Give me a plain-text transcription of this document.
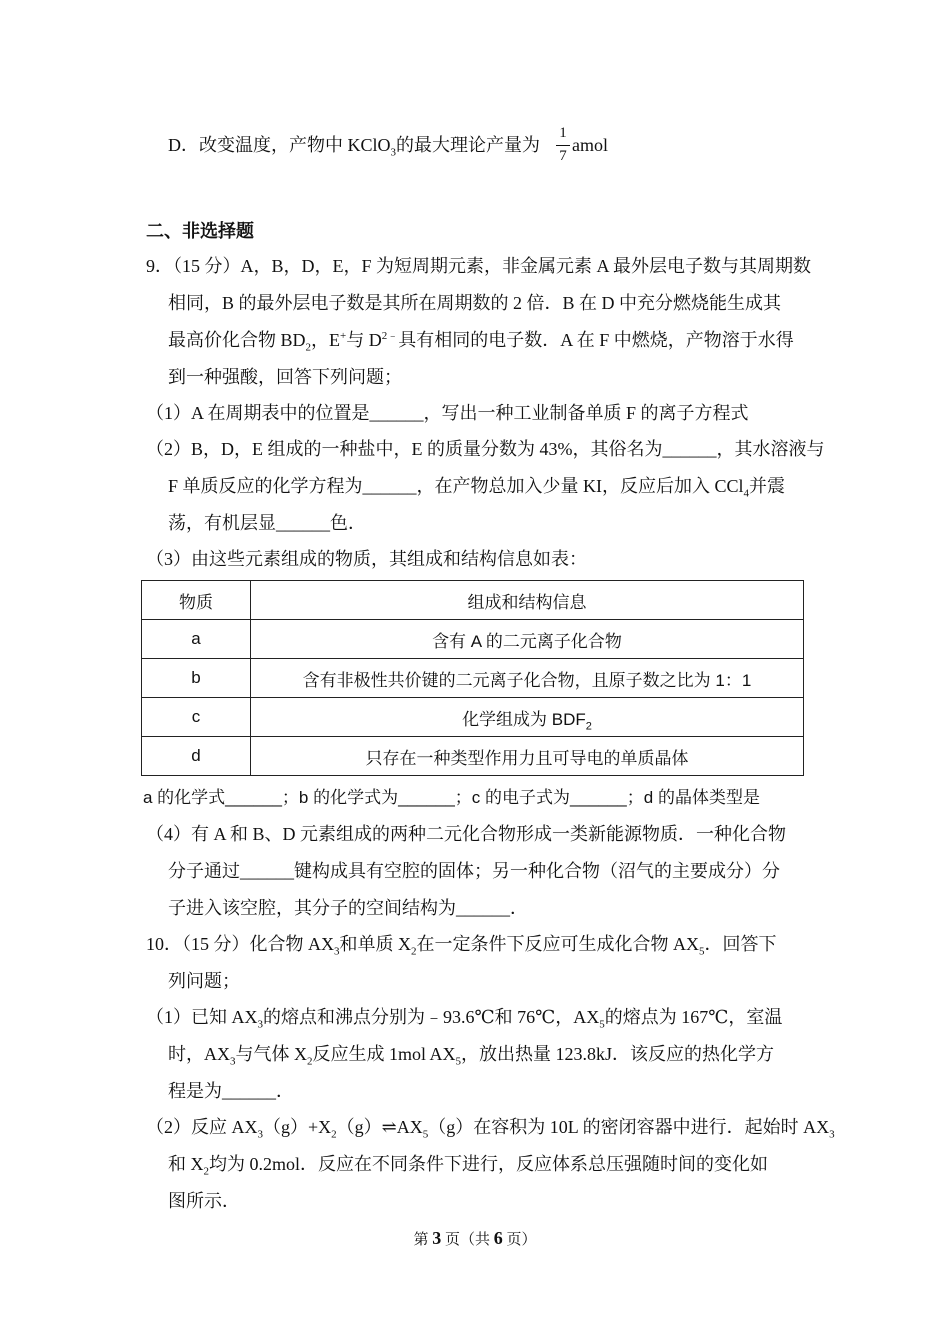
D．改变温度，产物中 KClO$_3$的最大理论产量为
1
7
amol
二、非选择题
9．（15 分）A，B，D，E，F 为短周期元素，非金属元素 A 最外层电子数与其周期数
相同，B 的最外层电子数是其所在周期数的 2 倍．B 在 D 中充分燃烧能生成其
最高价化合物 $BD_2$，E+与 $D^{2﹣}$具有相同的电子数．A 在 F 中燃烧，产物溶于水得
到一种强酸，回答下列问题；
（1）A 在周期表中的位置是______，写出一种工业制备单质 F 的离子方程式
（2）B，D，E 组成的一种盐中，E 的质量分数为 43%，其俗名为______，其水溶液与
F 单质反应的化学方程为______，在产物总加入少量 KI，反应后加入 CCl$_4$并震
荡，有机层显______色．
（3）由这些元素组成的物质，其组成和结构信息如表：
物质	组成和结构信息
a	含有 A 的二元离子化合物
b	含有非极性共价键的二元离子化合物，且原子数之比为 1：1
c	化学组成为 $BDF_2$
d	只存在一种类型作用力且可导电的单质晶体
a 的化学式______；b 的化学式为______；c 的电子式为______；d 的晶体类型是
（4）有 A 和 B、D 元素组成的两种二元化合物形成一类新能源物质．一种化合物
分子通过______键构成具有空腔的固体；另一种化合物（沼气的主要成分）分
子进入该空腔，其分子的空间结构为______．
10．（15 分）化合物 $AX_3$和单质 $X_2$在一定条件下反应可生成化合物 $AX_5$．回答下
列问题；
（1）已知 $AX_3$的熔点和沸点分别为﹣93.6℃和 76℃，$AX_5$的熔点为 167℃，室温
时，$AX_3$与气体 $X_2$反应生成 1mol $AX_5$，放出热量 123.8kJ．该反应的热化学方
程是为______．
（2）反应 $AX_3(g)+X_2(g)\rightleftharpoons AX_5(g)$在容积为 10L 的密闭容器中进行．起始时 $AX_3$
和 $X_2$均为 0.2mol．反应在不同条件下进行，反应体系总压强随时间的变化如
图所示．
第 3 页（共 6 页）
